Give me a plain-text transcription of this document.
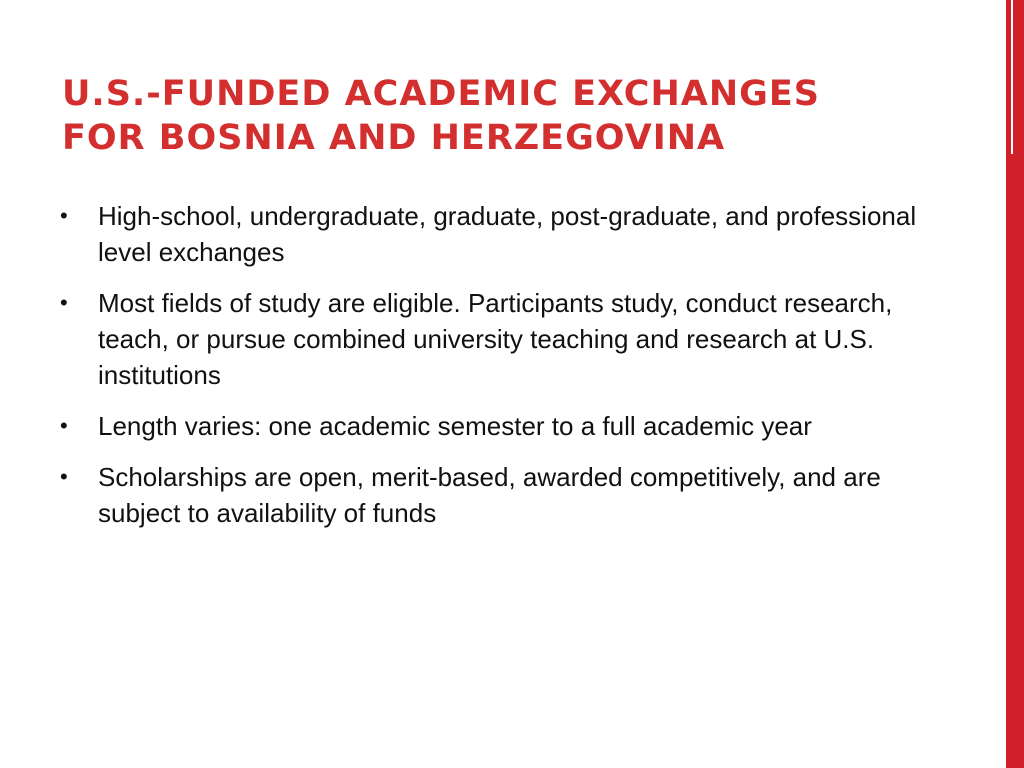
U.S.-FUNDED ACADEMIC EXCHANGES
FOR BOSNIA AND HERZEGOVINA
•	High-school, undergraduate, graduate, post-graduate, and professional level exchanges
•	Most fields of study are eligible. Participants study, conduct research, teach, or pursue combined university teaching and research at U.S. institutions
•	Length varies: one academic semester to a full academic year
•	Scholarships are open, merit-based, awarded competitively, and are subject to availability of funds
